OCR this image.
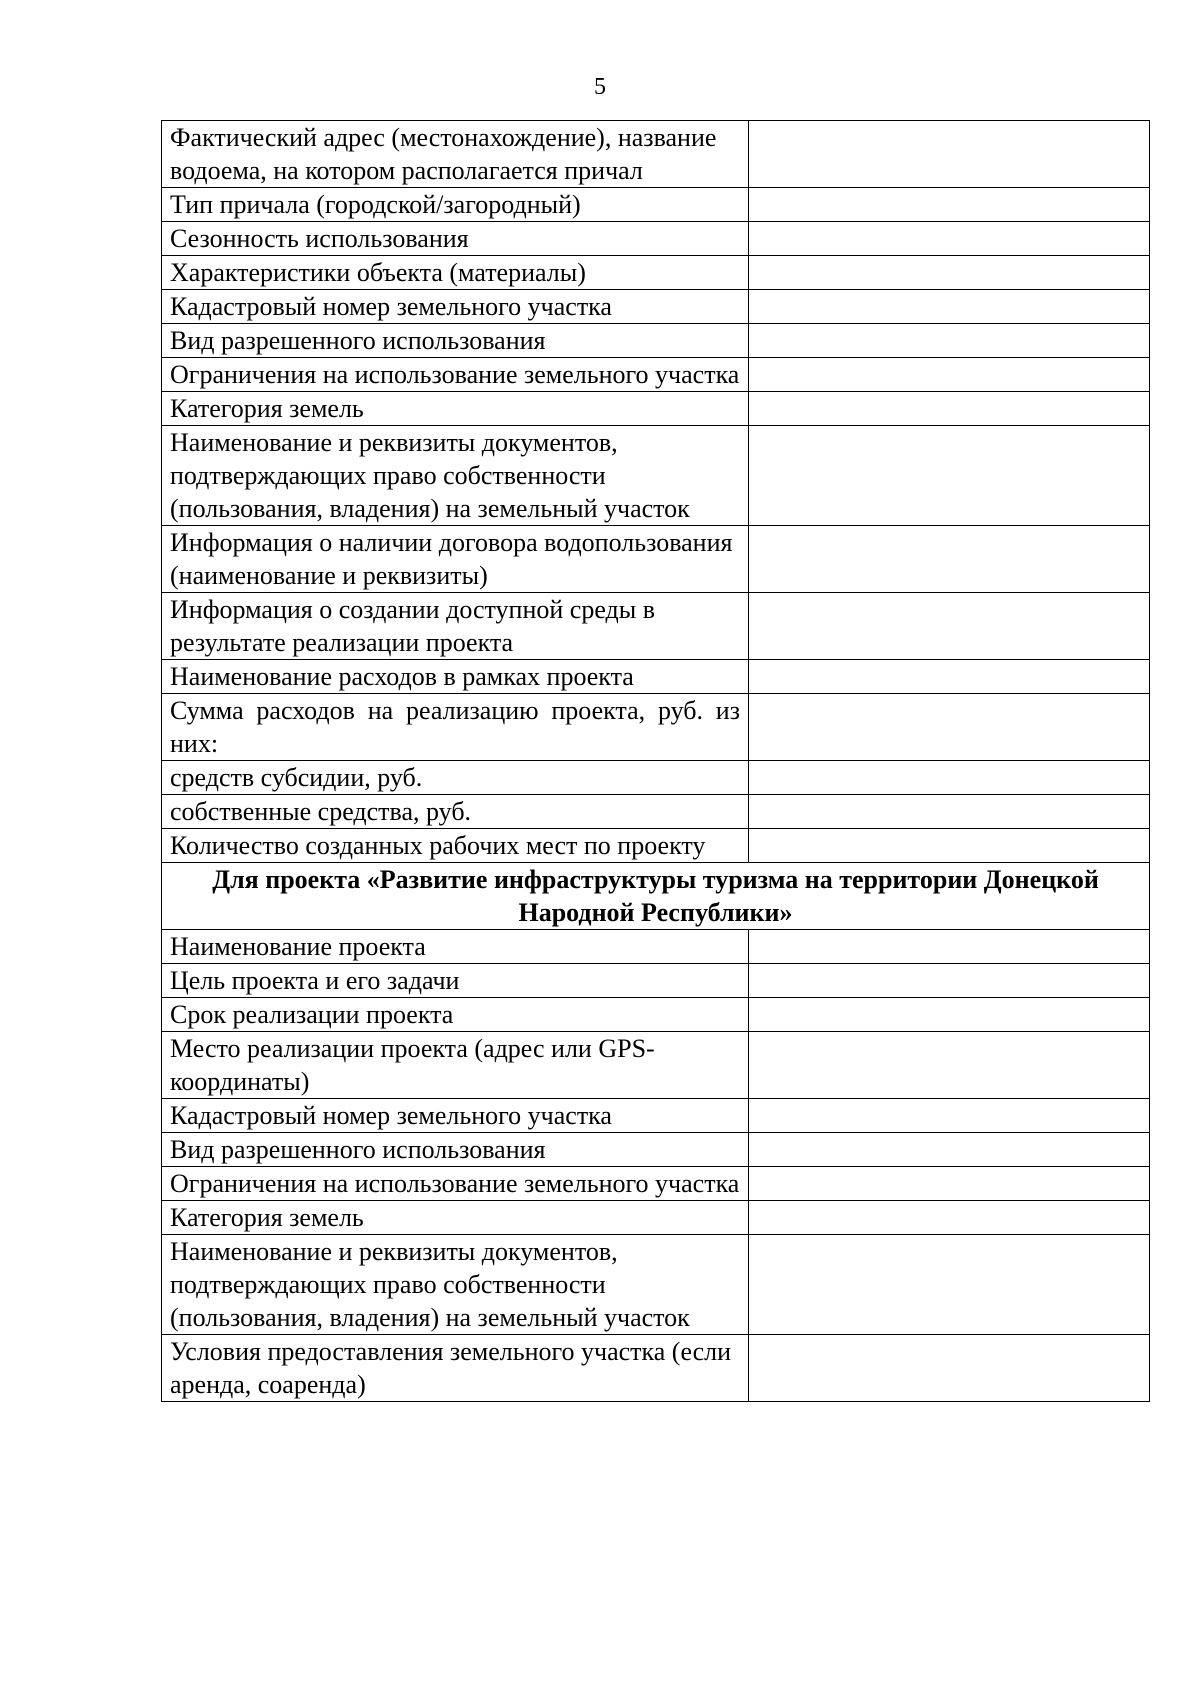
5
Фактический адрес (местонахождение), название водоема, на котором располагается причал	
Тип причала (городской/загородный)	
Сезонность использования	
Характеристики объекта (материалы)	
Кадастровый номер земельного участка	
Вид разрешенного использования	
Ограничения на использование земельного участка	
Категория земель	
Наименование и реквизиты документов, подтверждающих право собственности (пользования, владения) на земельный участок	
Информация о наличии договора водопользования (наименование и реквизиты)	
Информация о создании доступной среды в результате реализации проекта	
Наименование расходов в рамках проекта	
Сумма расходов на реализацию проекта, руб. из них:	
средств субсидии, руб.	
собственные средства, руб.	
Количество созданных рабочих мест по проекту	
Для проекта «Развитие инфраструктуры туризма на территории Донецкой Народной Республики»	
Наименование проекта	
Цель проекта и его задачи	
Срок реализации проекта	
Место реализации проекта (адрес или GPS-координаты)	
Кадастровый номер земельного участка	
Вид разрешенного использования	
Ограничения на использование земельного участка	
Категория земель	
Наименование и реквизиты документов, подтверждающих право собственности (пользования, владения) на земельный участок	
Условия предоставления земельного участка (если аренда, соаренда)	
